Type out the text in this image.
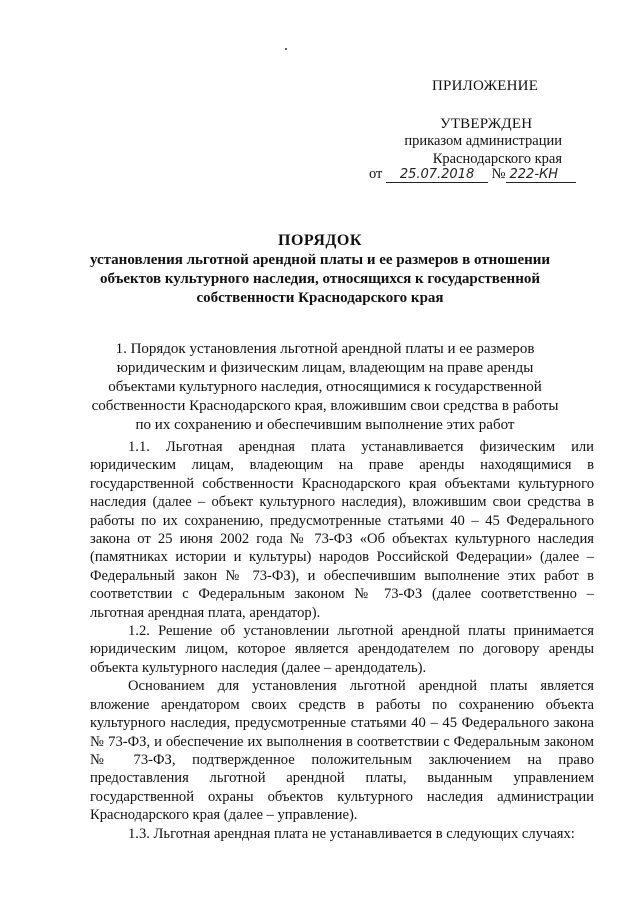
ПРИЛОЖЕНИЕ
УТВЕРЖДЕН
приказом администрации
Краснодарского края
от 25.07.2018 № 222-КН
ПОРЯДОК
установления льготной арендной платы и ее размеров в отношении объектов культурного наследия, относящихся к государственной собственности Краснодарского края
1. Порядок установления льготной арендной платы и ее размеров юридическим и физическим лицам, владеющим на праве аренды объектами культурного наследия, относящимися к государственной собственности Краснодарского края, вложившим свои средства в работы по их сохранению и обеспечившим выполнение этих работ

1.1. Льготная арендная плата устанавливается физическим или юридическим лицам, владеющим на праве аренды находящимися в государственной собственности Краснодарского края объектами культурного наследия (далее – объект культурного наследия), вложившим свои средства в работы по их сохранению, предусмотренные статьями 40 – 45 Федерального закона от 25 июня 2002 года № 73-ФЗ «Об объектах культурного наследия (памятниках истории и культуры) народов Российской Федерации» (далее – Федеральный закон № 73-ФЗ), и обеспечившим выполнение этих работ в соответствии с Федеральным законом № 73-ФЗ (далее соответственно – льготная арендная плата, арендатор).

1.2. Решение об установлении льготной арендной платы принимается юридическим лицом, которое является арендодателем по договору аренды объекта культурного наследия (далее – арендодатель).

Основанием для установления льготной арендной платы является вложение арендатором своих средств в работы по сохранению объекта культурного наследия, предусмотренные статьями 40 – 45 Федерального закона № 73-ФЗ, и обеспечение их выполнения в соответствии с Федеральным законом № 73-ФЗ, подтвержденное положительным заключением на право предоставления льготной арендной платы, выданным управлением государственной охраны объектов культурного наследия администрации Краснодарского края (далее – управление).

1.3. Льготная арендная плата не устанавливается в следующих случаях:
